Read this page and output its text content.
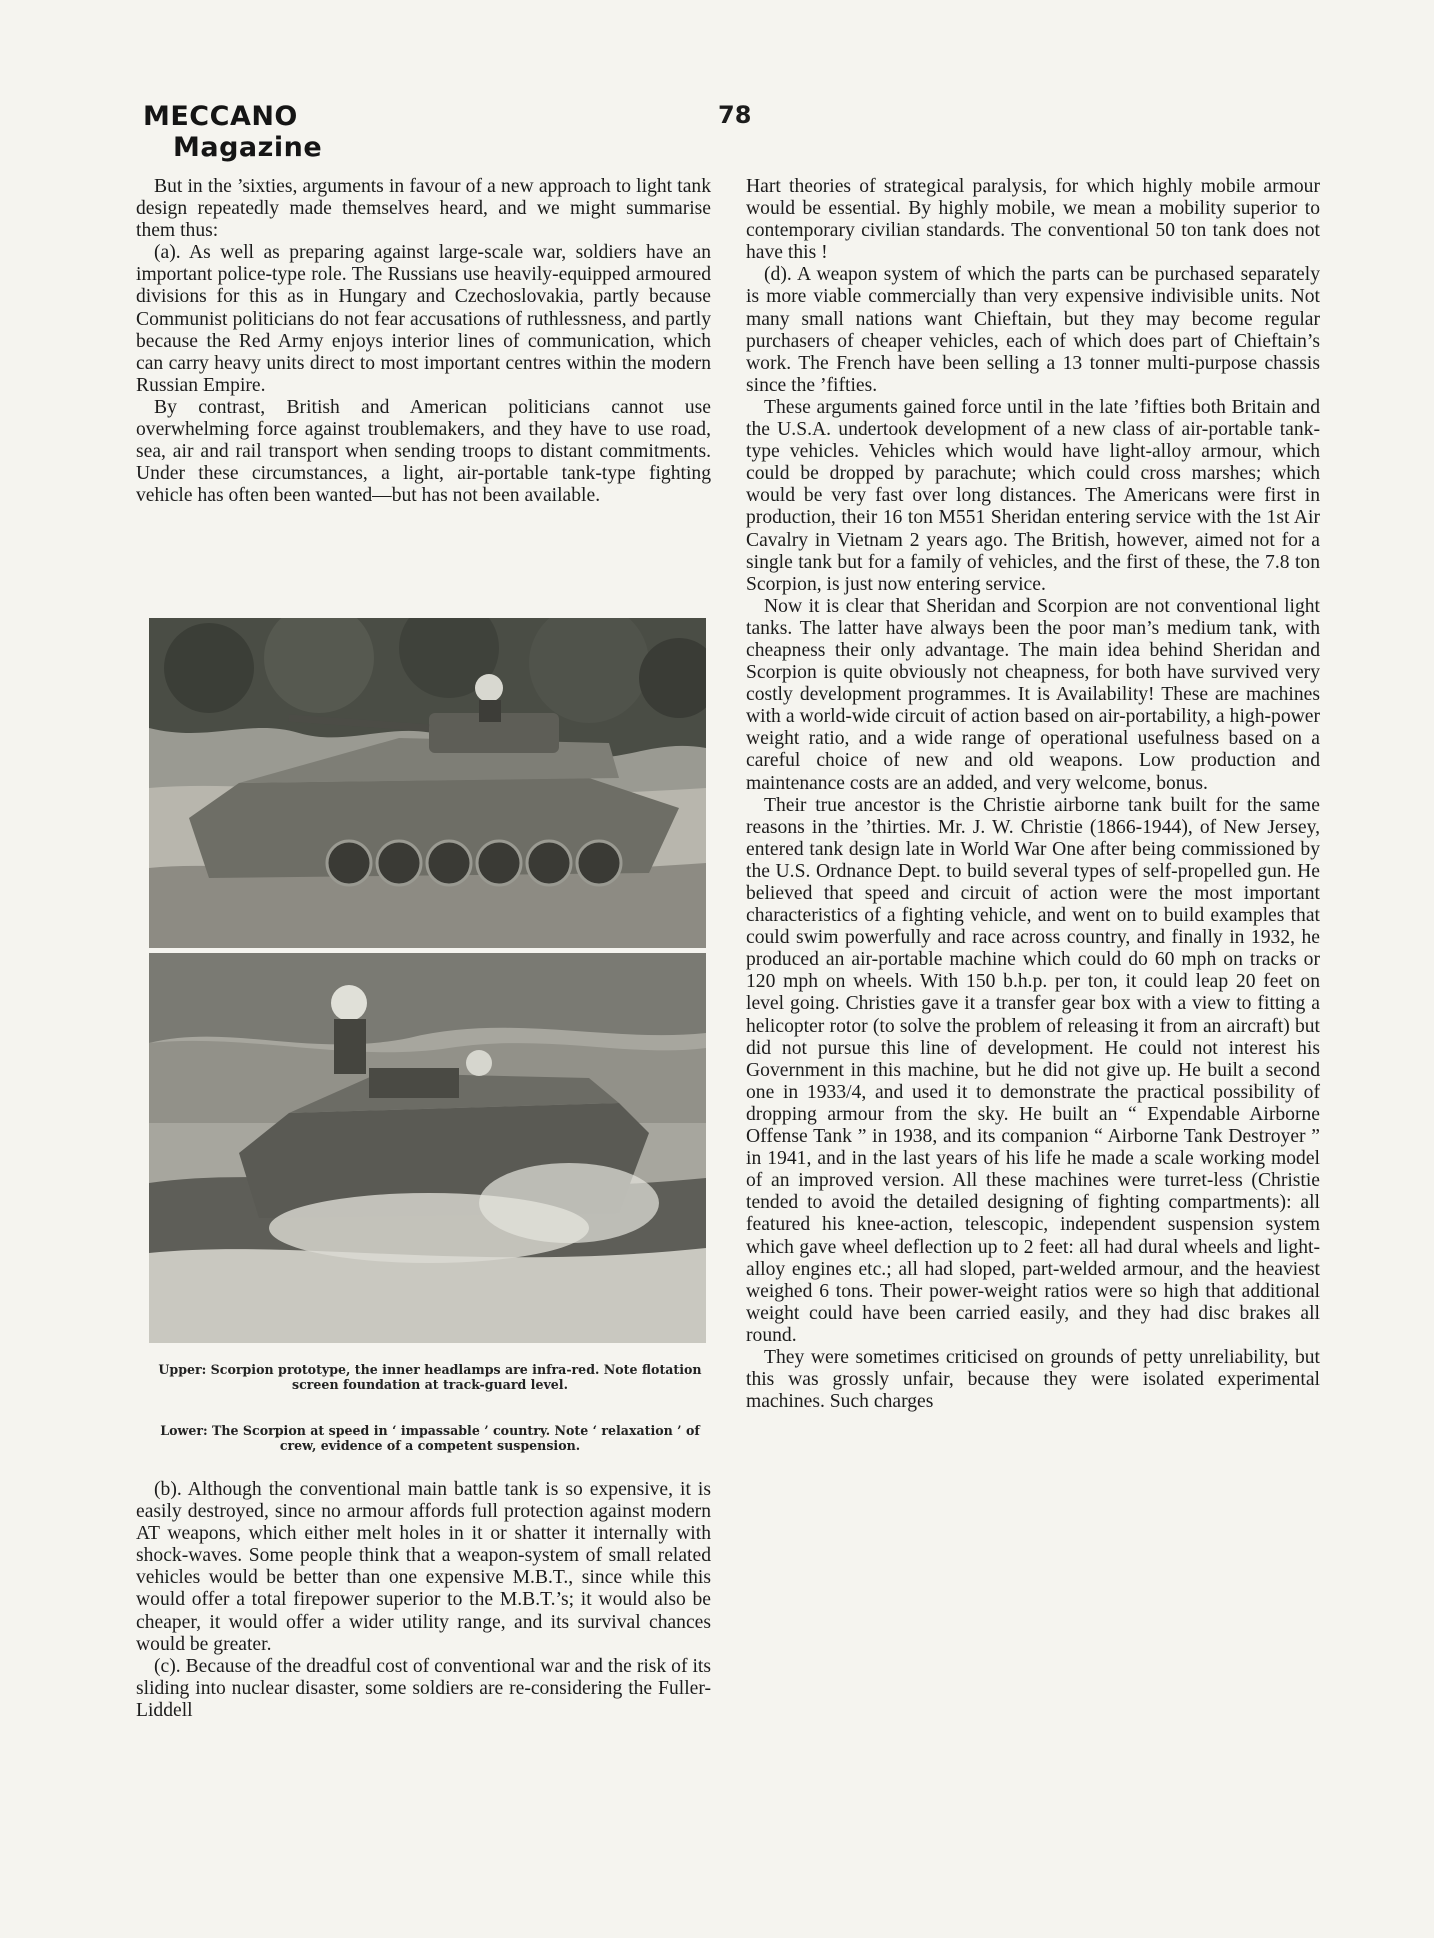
MECCANO
Magazine
78

But in the ’sixties, arguments in favour of a new approach to light tank design repeatedly made themselves heard, and we might summarise them thus:

(a). As well as preparing against large-scale war, soldiers have an important police-type role. The Russians use heavily-equipped armoured divisions for this as in Hungary and Czechoslovakia, partly because Communist politicians do not fear accusations of ruthlessness, and partly because the Red Army enjoys interior lines of communication, which can carry heavy units direct to most important centres within the modern Russian Empire.

By contrast, British and American politicians cannot use overwhelming force against troublemakers, and they have to use road, sea, air and rail transport when sending troops to distant commitments. Under these circumstances, a light, air-portable tank-type fighting vehicle has often been wanted—but has not been available.

Upper: Scorpion prototype, the inner headlamps are infra-red. Note flotation screen foundation at track-guard level.
Lower: The Scorpion at speed in ‘ impassable ’ country. Note ‘ relaxation ’ of crew, evidence of a competent suspension.

(b). Although the conventional main battle tank is so expensive, it is easily destroyed, since no armour affords full protection against modern AT weapons, which either melt holes in it or shatter it internally with shock-waves. Some people think that a weapon-system of small related vehicles would be better than one expensive M.B.T., since while this would offer a total firepower superior to the M.B.T.’s; it would also be cheaper, it would offer a wider utility range, and its survival chances would be greater.

(c). Because of the dreadful cost of conventional war and the risk of its sliding into nuclear disaster, some soldiers are re-considering the Fuller-Liddell

Hart theories of strategical paralysis, for which highly mobile armour would be essential. By highly mobile, we mean a mobility superior to contemporary civilian standards. The conventional 50 ton tank does not have this !

(d). A weapon system of which the parts can be purchased separately is more viable commercially than very expensive indivisible units. Not many small nations want Chieftain, but they may become regular purchasers of cheaper vehicles, each of which does part of Chieftain’s work. The French have been selling a 13 tonner multi-purpose chassis since the ’fifties.

These arguments gained force until in the late ’fifties both Britain and the U.S.A. undertook development of a new class of air-portable tank-type vehicles. Vehicles which would have light-alloy armour, which could be dropped by parachute; which could cross marshes; which would be very fast over long distances. The Americans were first in production, their 16 ton M551 Sheridan entering service with the 1st Air Cavalry in Vietnam 2 years ago. The British, however, aimed not for a single tank but for a family of vehicles, and the first of these, the 7.8 ton Scorpion, is just now entering service.

Now it is clear that Sheridan and Scorpion are not conventional light tanks. The latter have always been the poor man’s medium tank, with cheapness their only advantage. The main idea behind Sheridan and Scorpion is quite obviously not cheapness, for both have survived very costly development programmes. It is Availability! These are machines with a world-wide circuit of action based on air-portability, a high-power weight ratio, and a wide range of operational usefulness based on a careful choice of new and old weapons. Low production and maintenance costs are an added, and very welcome, bonus.

Their true ancestor is the Christie airborne tank built for the same reasons in the ’thirties. Mr. J. W. Christie (1866-1944), of New Jersey, entered tank design late in World War One after being commissioned by the U.S. Ordnance Dept. to build several types of self-propelled gun. He believed that speed and circuit of action were the most important characteristics of a fighting vehicle, and went on to build examples that could swim powerfully and race across country, and finally in 1932, he produced an air-portable machine which could do 60 mph on tracks or 120 mph on wheels. With 150 b.h.p. per ton, it could leap 20 feet on level going. Christies gave it a transfer gear box with a view to fitting a helicopter rotor (to solve the problem of releasing it from an aircraft) but did not pursue this line of development. He could not interest his Government in this machine, but he did not give up. He built a second one in 1933/4, and used it to demonstrate the practical possibility of dropping armour from the sky. He built an “ Expendable Airborne Offense Tank ” in 1938, and its companion “ Airborne Tank Destroyer ” in 1941, and in the last years of his life he made a scale working model of an improved version. All these machines were turret-less (Christie tended to avoid the detailed designing of fighting compartments): all featured his knee-action, telescopic, independent suspension system which gave wheel deflection up to 2 feet: all had dural wheels and light-alloy engines etc.; all had sloped, part-welded armour, and the heaviest weighed 6 tons. Their power-weight ratios were so high that additional weight could have been carried easily, and they had disc brakes all round.

They were sometimes criticised on grounds of petty unreliability, but this was grossly unfair, because they were isolated experimental machines. Such charges
